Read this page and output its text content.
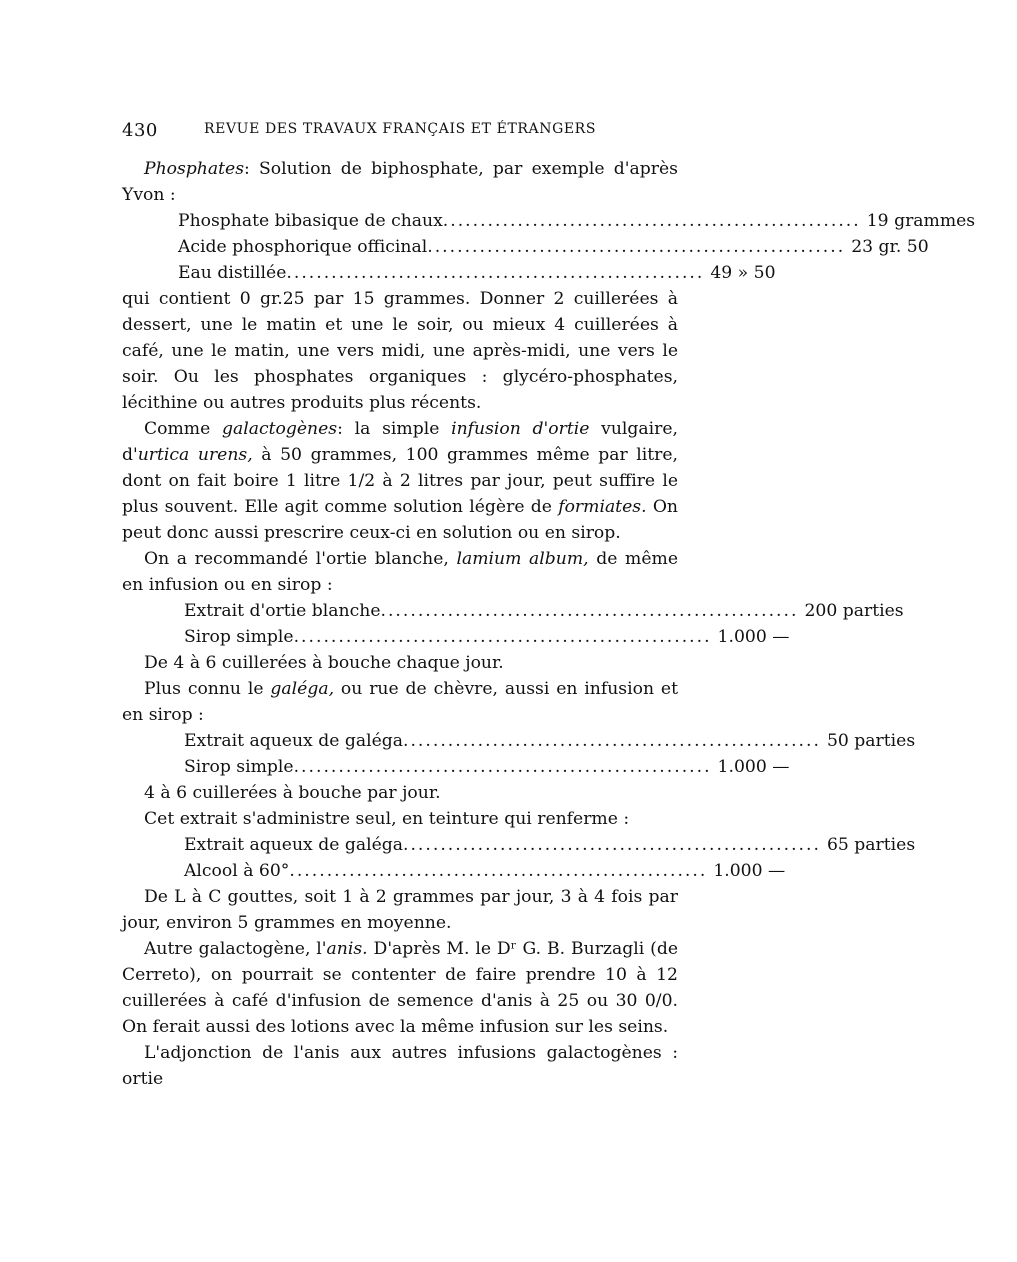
430	REVUE DES TRAVAUX FRANÇAIS ET ÉTRANGERS

Phosphates: Solution de biphosphate, par exemple d'après Yvon :

Phosphate bibasique de chaux ........................................................ 19 grammes
Acide phosphorique officinal ........................................................ 23 gr. 50
Eau distillée ........................................................ 49 » 50

qui contient 0 gr.25 par 15 grammes. Donner 2 cuillerées à dessert, une le matin et une le soir, ou mieux 4 cuillerées à café, une le matin, une vers midi, une après-midi, une vers le soir. Ou les phosphates organiques : glycéro-phosphates, lécithine ou autres produits plus récents.

Comme galactogènes: la simple infusion d'ortie vulgaire, d'urtica urens, à 50 grammes, 100 grammes même par litre, dont on fait boire 1 litre 1/2 à 2 litres par jour, peut suffire le plus souvent. Elle agit comme solution légère de formiates. On peut donc aussi prescrire ceux-ci en solution ou en sirop.

On a recommandé l'ortie blanche, lamium album, de même en infusion ou en sirop :

Extrait d'ortie blanche ........................................................ 200 parties
Sirop simple ........................................................ 1.000 —

De 4 à 6 cuillerées à bouche chaque jour.

Plus connu le galéga, ou rue de chèvre, aussi en infusion et en sirop :

Extrait aqueux de galéga ........................................................ 50 parties
Sirop simple ........................................................ 1.000 —

4 à 6 cuillerées à bouche par jour.

Cet extrait s'administre seul, en teinture qui renferme :

Extrait aqueux de galéga ........................................................ 65 parties
Alcool à 60° ........................................................ 1.000 —

De L à C gouttes, soit 1 à 2 grammes par jour, 3 à 4 fois par jour, environ 5 grammes en moyenne.

Autre galactogène, l'anis. D'après M. le Dʳ G. B. Burzagli (de Cerreto), on pourrait se contenter de faire prendre 10 à 12 cuillerées à café d'infusion de semence d'anis à 25 ou 30 0/0. On ferait aussi des lotions avec la même infusion sur les seins.

L'adjonction de l'anis aux autres infusions galactogènes : ortie
